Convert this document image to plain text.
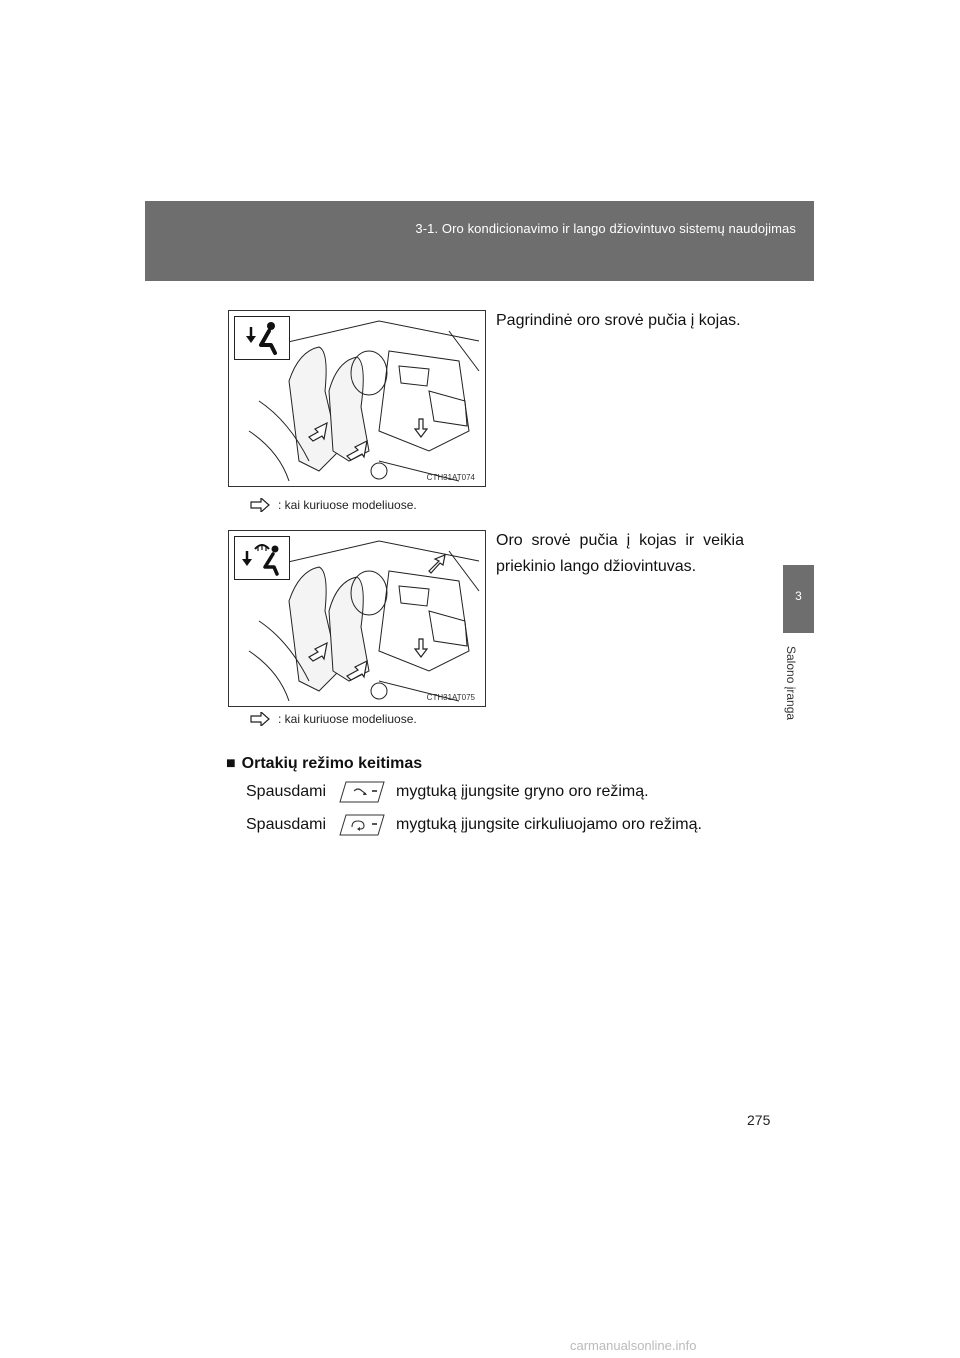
3-1. Oro kondicionavimo ir lango džiovintuvo sistemų naudojimas
3
Salono įranga
CTH31AT074
: kai kuriuose modeliuose.
Pagrindinė oro srovė pučia į kojas.
CTH31AT075
: kai kuriuose modeliuose.
Oro srovė pučia į kojas ir veikia priekinio lango džiovintuvas.
■ Ortakių režimo keitimas
Spausdami	mygtuką įjungsite gryno oro režimą.
Spausdami	mygtuką įjungsite cirkuliuojamo oro režimą.
275
carmanualsonline.info
